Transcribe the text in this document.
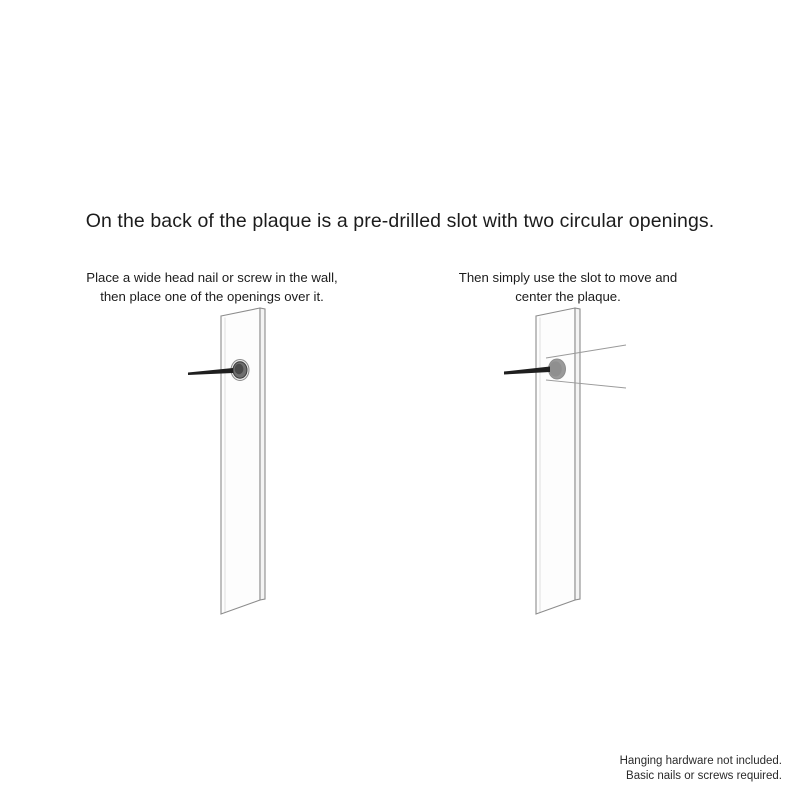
On the back of the plaque is a pre-drilled slot with two circular openings.
Place a wide head nail or screw in the wall,
then place one of the openings over it.
Then simply use the slot to move and
center the plaque.
Hanging hardware not included.
Basic nails or screws required.
